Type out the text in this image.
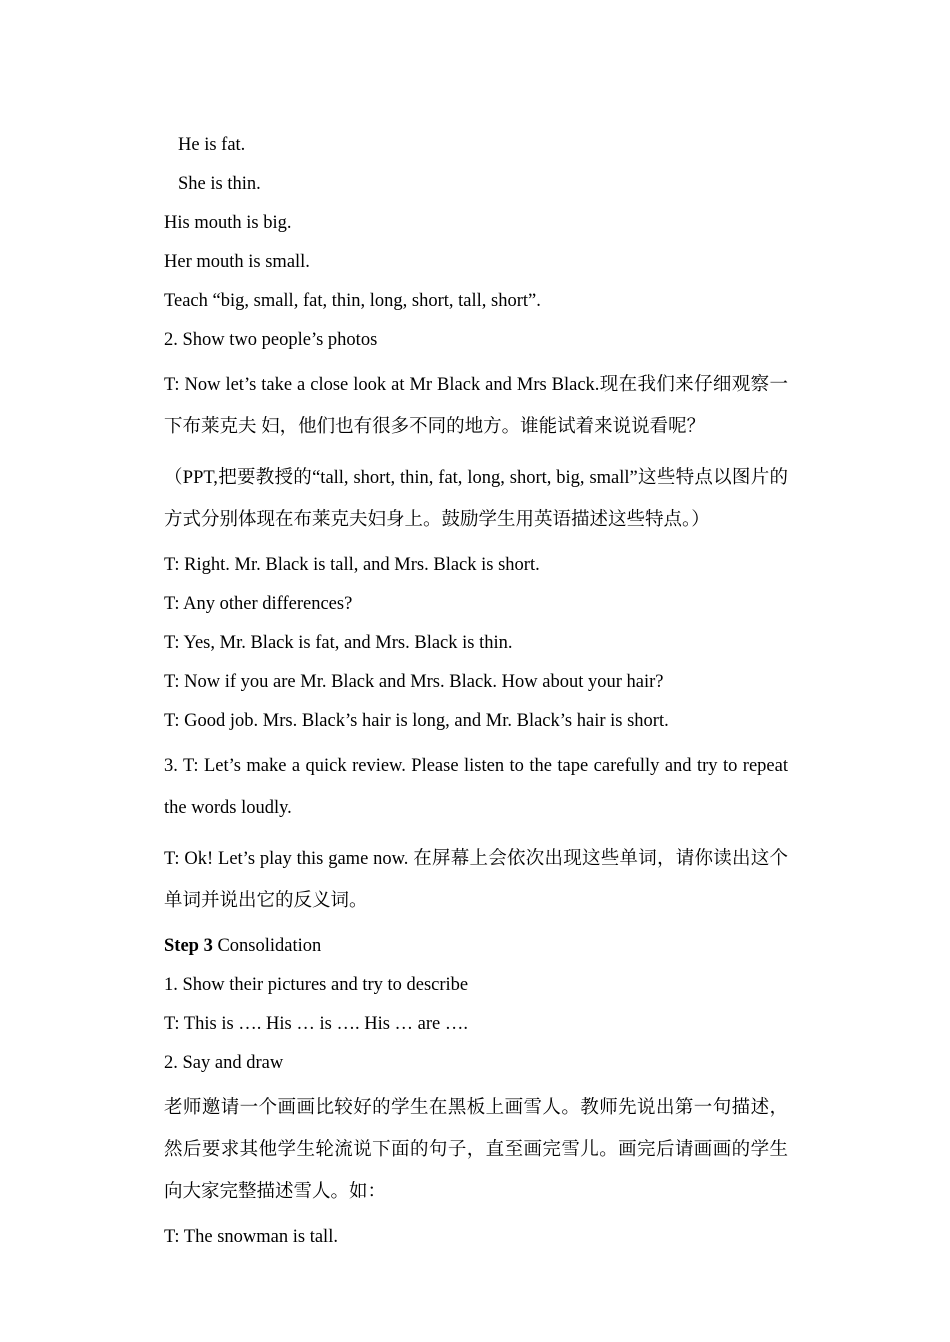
He is fat.

She is thin.

His mouth is big.

Her mouth is small.

Teach “big, small, fat, thin, long, short, tall, short”.

2. Show two people’s photos

T: Now let’s take a close look at Mr Black and Mrs Black.现在我们来仔细观察一下布莱克夫 妇，他们也有很多不同的地方。谁能试着来说说看呢？

（PPT,把要教授的“tall, short, thin, fat, long, short, big, small”这些特点以图片的方式分别体现在布莱克夫妇身上。鼓励学生用英语描述这些特点。）

T: Right. Mr. Black is tall, and Mrs. Black is short.

T: Any other differences?

T: Yes, Mr. Black is fat, and Mrs. Black is thin.

T: Now if you are Mr. Black and Mrs. Black. How about your hair?

T: Good job. Mrs. Black’s hair is long, and Mr. Black’s hair is short.

3. T: Let’s make a quick review. Please listen to the tape carefully and try to repeat the words loudly.

T: Ok! Let’s play this game now. 在屏幕上会依次出现这些单词，请你读出这个单词并说出它的反义词。

Step 3 Consolidation

1. Show their pictures and try to describe

T: This is …. His … is …. His … are ….

2. Say and draw

老师邀请一个画画比较好的学生在黑板上画雪人。教师先说出第一句描述，然后要求其他学生轮流说下面的句子，直至画完雪儿。画完后请画画的学生向大家完整描述雪人。如：

T: The snowman is tall.
